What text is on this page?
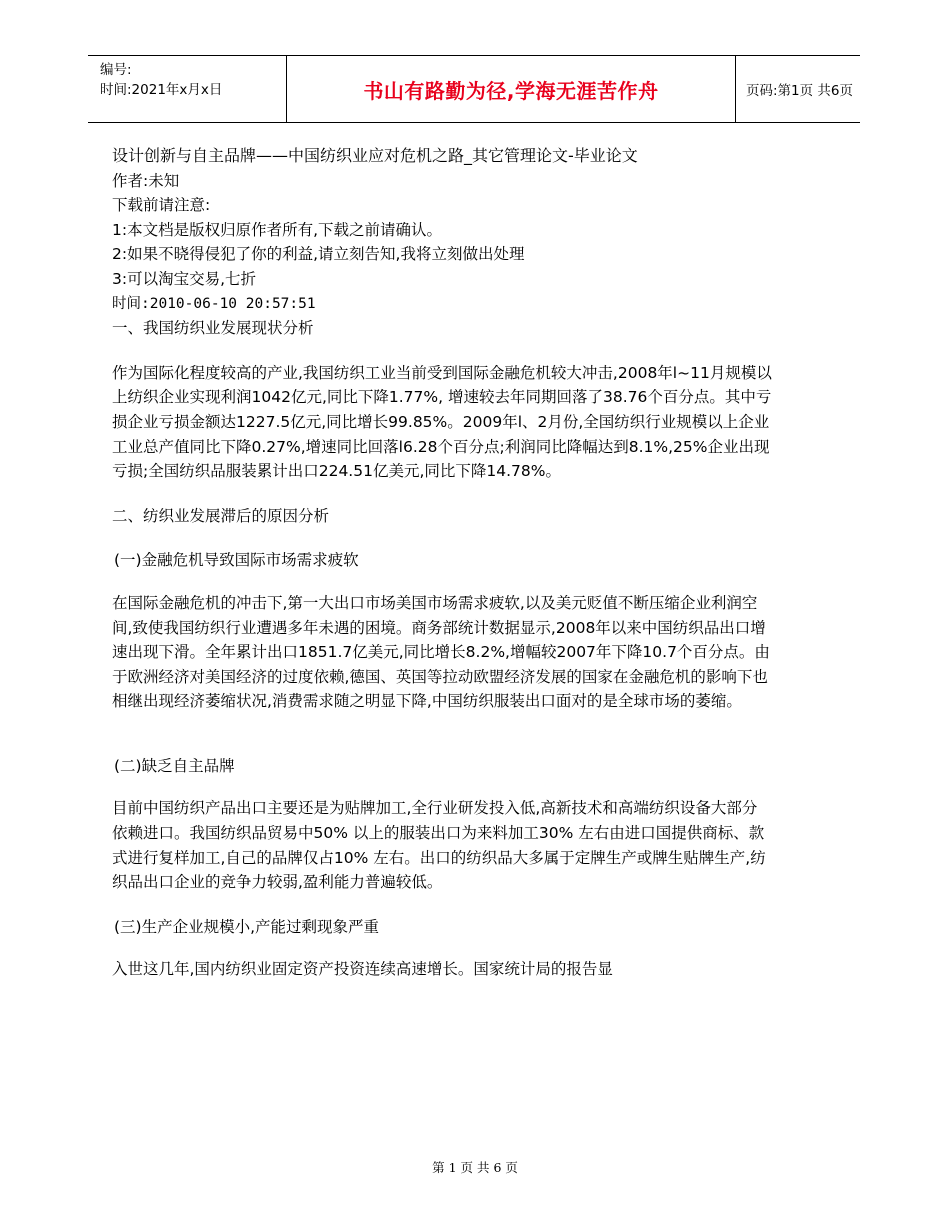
编号:
时间:2021年x月x日	书山有路勤为径,学海无涯苦作舟	页码:第1页 共6页

设计创新与自主品牌——中国纺织业应对危机之路_其它管理论文-毕业论文

作者:未知

下载前请注意:

1:本文档是版权归原作者所有,下载之前请确认。

2:如果不晓得侵犯了你的利益,请立刻告知,我将立刻做出处理

3:可以淘宝交易,七折

时间:2010-06-10 20:57:51

一、我国纺织业发展现状分析

作为国际化程度较高的产业,我国纺织工业当前受到国际金融危机较大冲击,2008年l~11月规模以上纺织企业实现利润1042亿元,同比下降1.77%, 增速较去年同期回落了38.76个百分点。其中亏损企业亏损金额达1227.5亿元,同比增长99.85%。2009年l、2月份,全国纺织行业规模以上企业工业总产值同比下降0.27%,增速同比回落l6.28个百分点;利润同比降幅达到8.1%,25%企业出现亏损;全国纺织品服装累计出口224.51亿美元,同比下降14.78%。

二、纺织业发展滞后的原因分析

(一)金融危机导致国际市场需求疲软

在国际金融危机的冲击下,第一大出口市场美国市场需求疲软,以及美元贬值不断压缩企业利润空间,致使我国纺织行业遭遇多年未遇的困境。商务部统计数据显示,2008年以来中国纺织品出口增速出现下滑。全年累计出口1851.7亿美元,同比增长8.2%,增幅较2007年下降10.7个百分点。由于欧洲经济对美国经济的过度依赖,德国、英国等拉动欧盟经济发展的国家在金融危机的影响下也相继出现经济萎缩状况,消费需求随之明显下降,中国纺织服装出口面对的是全球市场的萎缩。

(二)缺乏自主品牌

目前中国纺织产品出口主要还是为贴牌加工,全行业研发投入低,高新技术和高端纺织设备大部分依赖进口。我国纺织品贸易中50% 以上的服装出口为来料加工30% 左右由进口国提供商标、款式进行复样加工,自己的品牌仅占10% 左右。出口的纺织品大多属于定牌生产或牌生贴牌生产,纺织品出口企业的竞争力较弱,盈利能力普遍较低。

(三)生产企业规模小,产能过剩现象严重

入世这几年,国内纺织业固定资产投资连续高速增长。国家统计局的报告显

第 1 页 共 6 页
